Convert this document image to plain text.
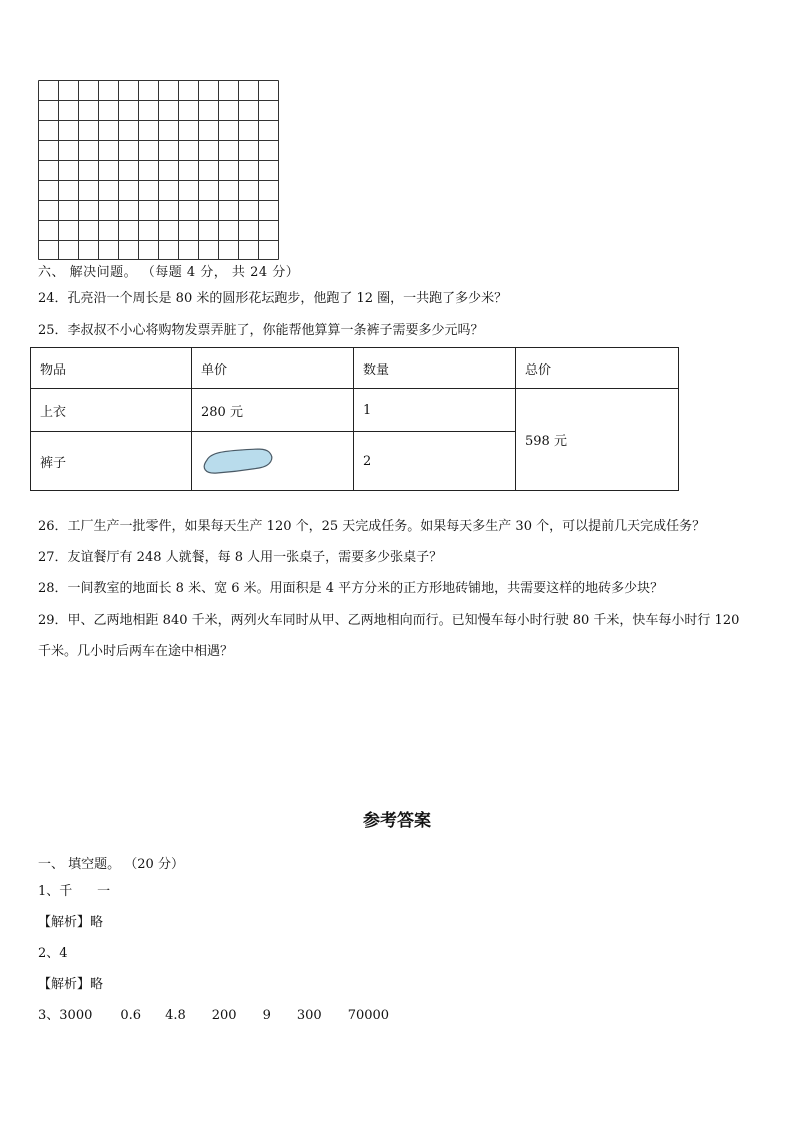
六、 解决问题。 （每题 4 分， 共 24 分）
24．孔亮沿一个周长是 80 米的圆形花坛跑步，他跑了 12 圈，一共跑了多少米？
25．李叔叔不小心将购物发票弄脏了，你能帮他算算一条裤子需要多少元吗？
物品	单价	数量	总价
上衣	280 元	1	598 元
裤子		2	
26．工厂生产一批零件，如果每天生产 120 个，25 天完成任务。如果每天多生产 30 个，可以提前几天完成任务？
27．友谊餐厅有 248 人就餐，每 8 人用一张桌子，需要多少张桌子？
28．一间教室的地面长 8 米、宽 6 米。用面积是 4 平方分米的正方形地砖铺地，共需要这样的地砖多少块？
29．甲、乙两地相距 840 千米，两列火车同时从甲、乙两地相向而行。已知慢车每小时行驶 80 千米，快车每小时行 120
千米。几小时后两车在途中相遇？
参考答案
一、 填空题。 （20 分）
1、千      一
【解析】略
2、4
【解析】略
3、3000 0.6 4.8 200 9 300 70000
